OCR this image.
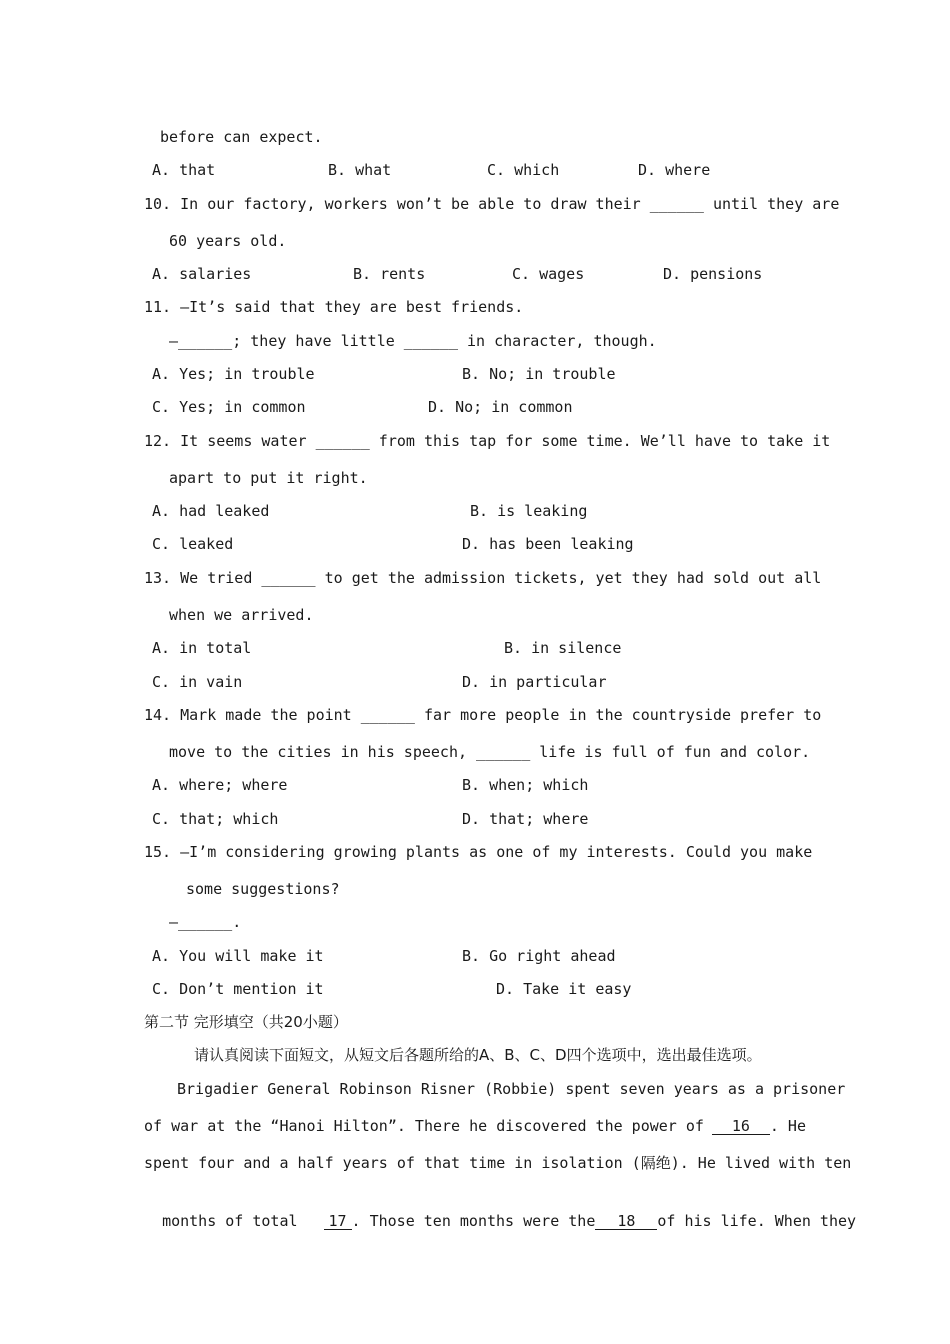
before can expect.
A. that	B. what	C. which	D. where
10. In our factory, workers won’t be able to draw their ______ until they are
60 years old.
A. salaries	B. rents	C. wages	D. pensions
11. —It’s said that they are best friends.
—______; they have little ______ in character, though.
A. Yes; in trouble	B. No; in trouble
C. Yes; in common	D. No; in common
12. It seems water ______ from this tap for some time. We’ll have to take it
apart to put it right.
A. had leaked	B. is leaking
C. leaked	D. has been leaking
13. We tried ______ to get the admission tickets, yet they had sold out all
when we arrived.
A. in total	B. in silence
C. in vain	D. in particular
14. Mark made the point ______ far more people in the countryside prefer to
move to the cities in his speech, ______ life is full of fun and color.
A. where; where	B. when; which
C. that; which	D. that; where
15. —I’m considering growing plants as one of my interests. Could you make
some suggestions?
—______.
A. You will make it	B. Go right ahead
C. Don’t mention it	D. Take it easy
第二节 完形填空（共20小题）
请认真阅读下面短文，从短文后各题所给的A、B、C、D四个选项中，选出最佳选项。
Brigadier General Robinson Risner (Robbie) spent seven years as a prisoner
of war at the “Hanoi Hilton”. There he discovered the power of	16 . He
spent four and a half years of that time in isolation (隔绝). He lived with ten

months of total 17 . Those ten months were the 18 of his life. When they
